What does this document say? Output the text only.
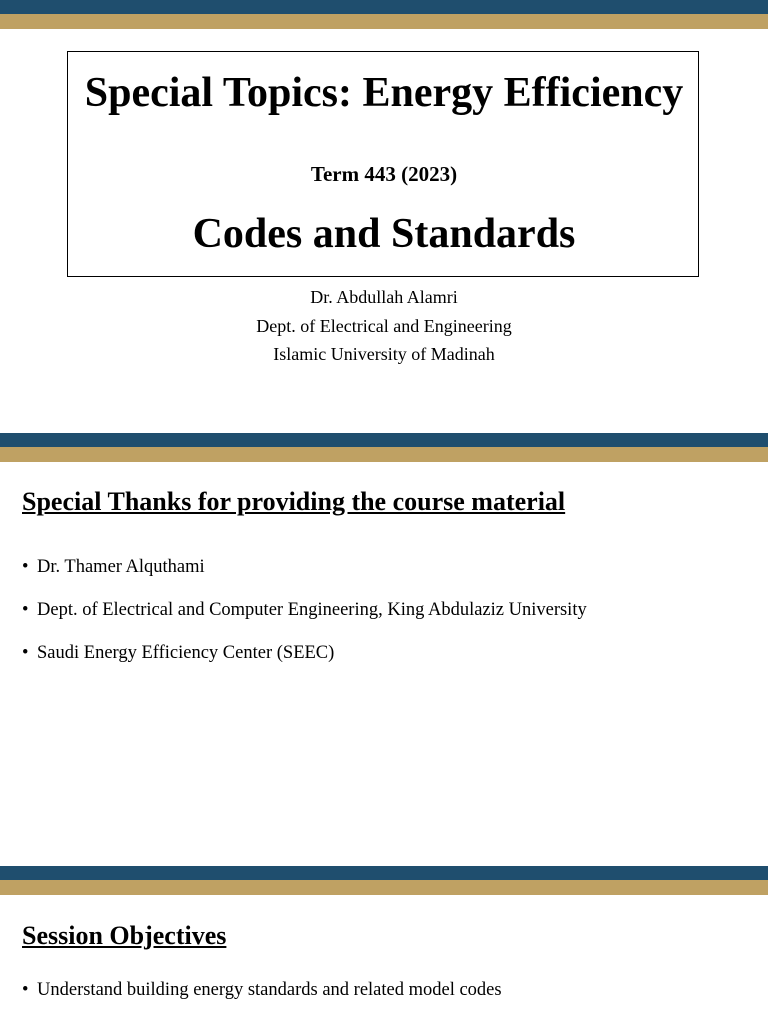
Special Topics: Energy Efficiency
Term 443 (2023)
Codes and Standards
Dr. Abdullah Alamri
Dept. of Electrical and Engineering
Islamic University of Madinah
Special Thanks for providing the course material
• Dr. Thamer Alquthami
• Dept. of Electrical and Computer Engineering, King Abdulaziz University
• Saudi Energy Efficiency Center (SEEC)
Session Objectives
• Understand building energy standards and related model codes
